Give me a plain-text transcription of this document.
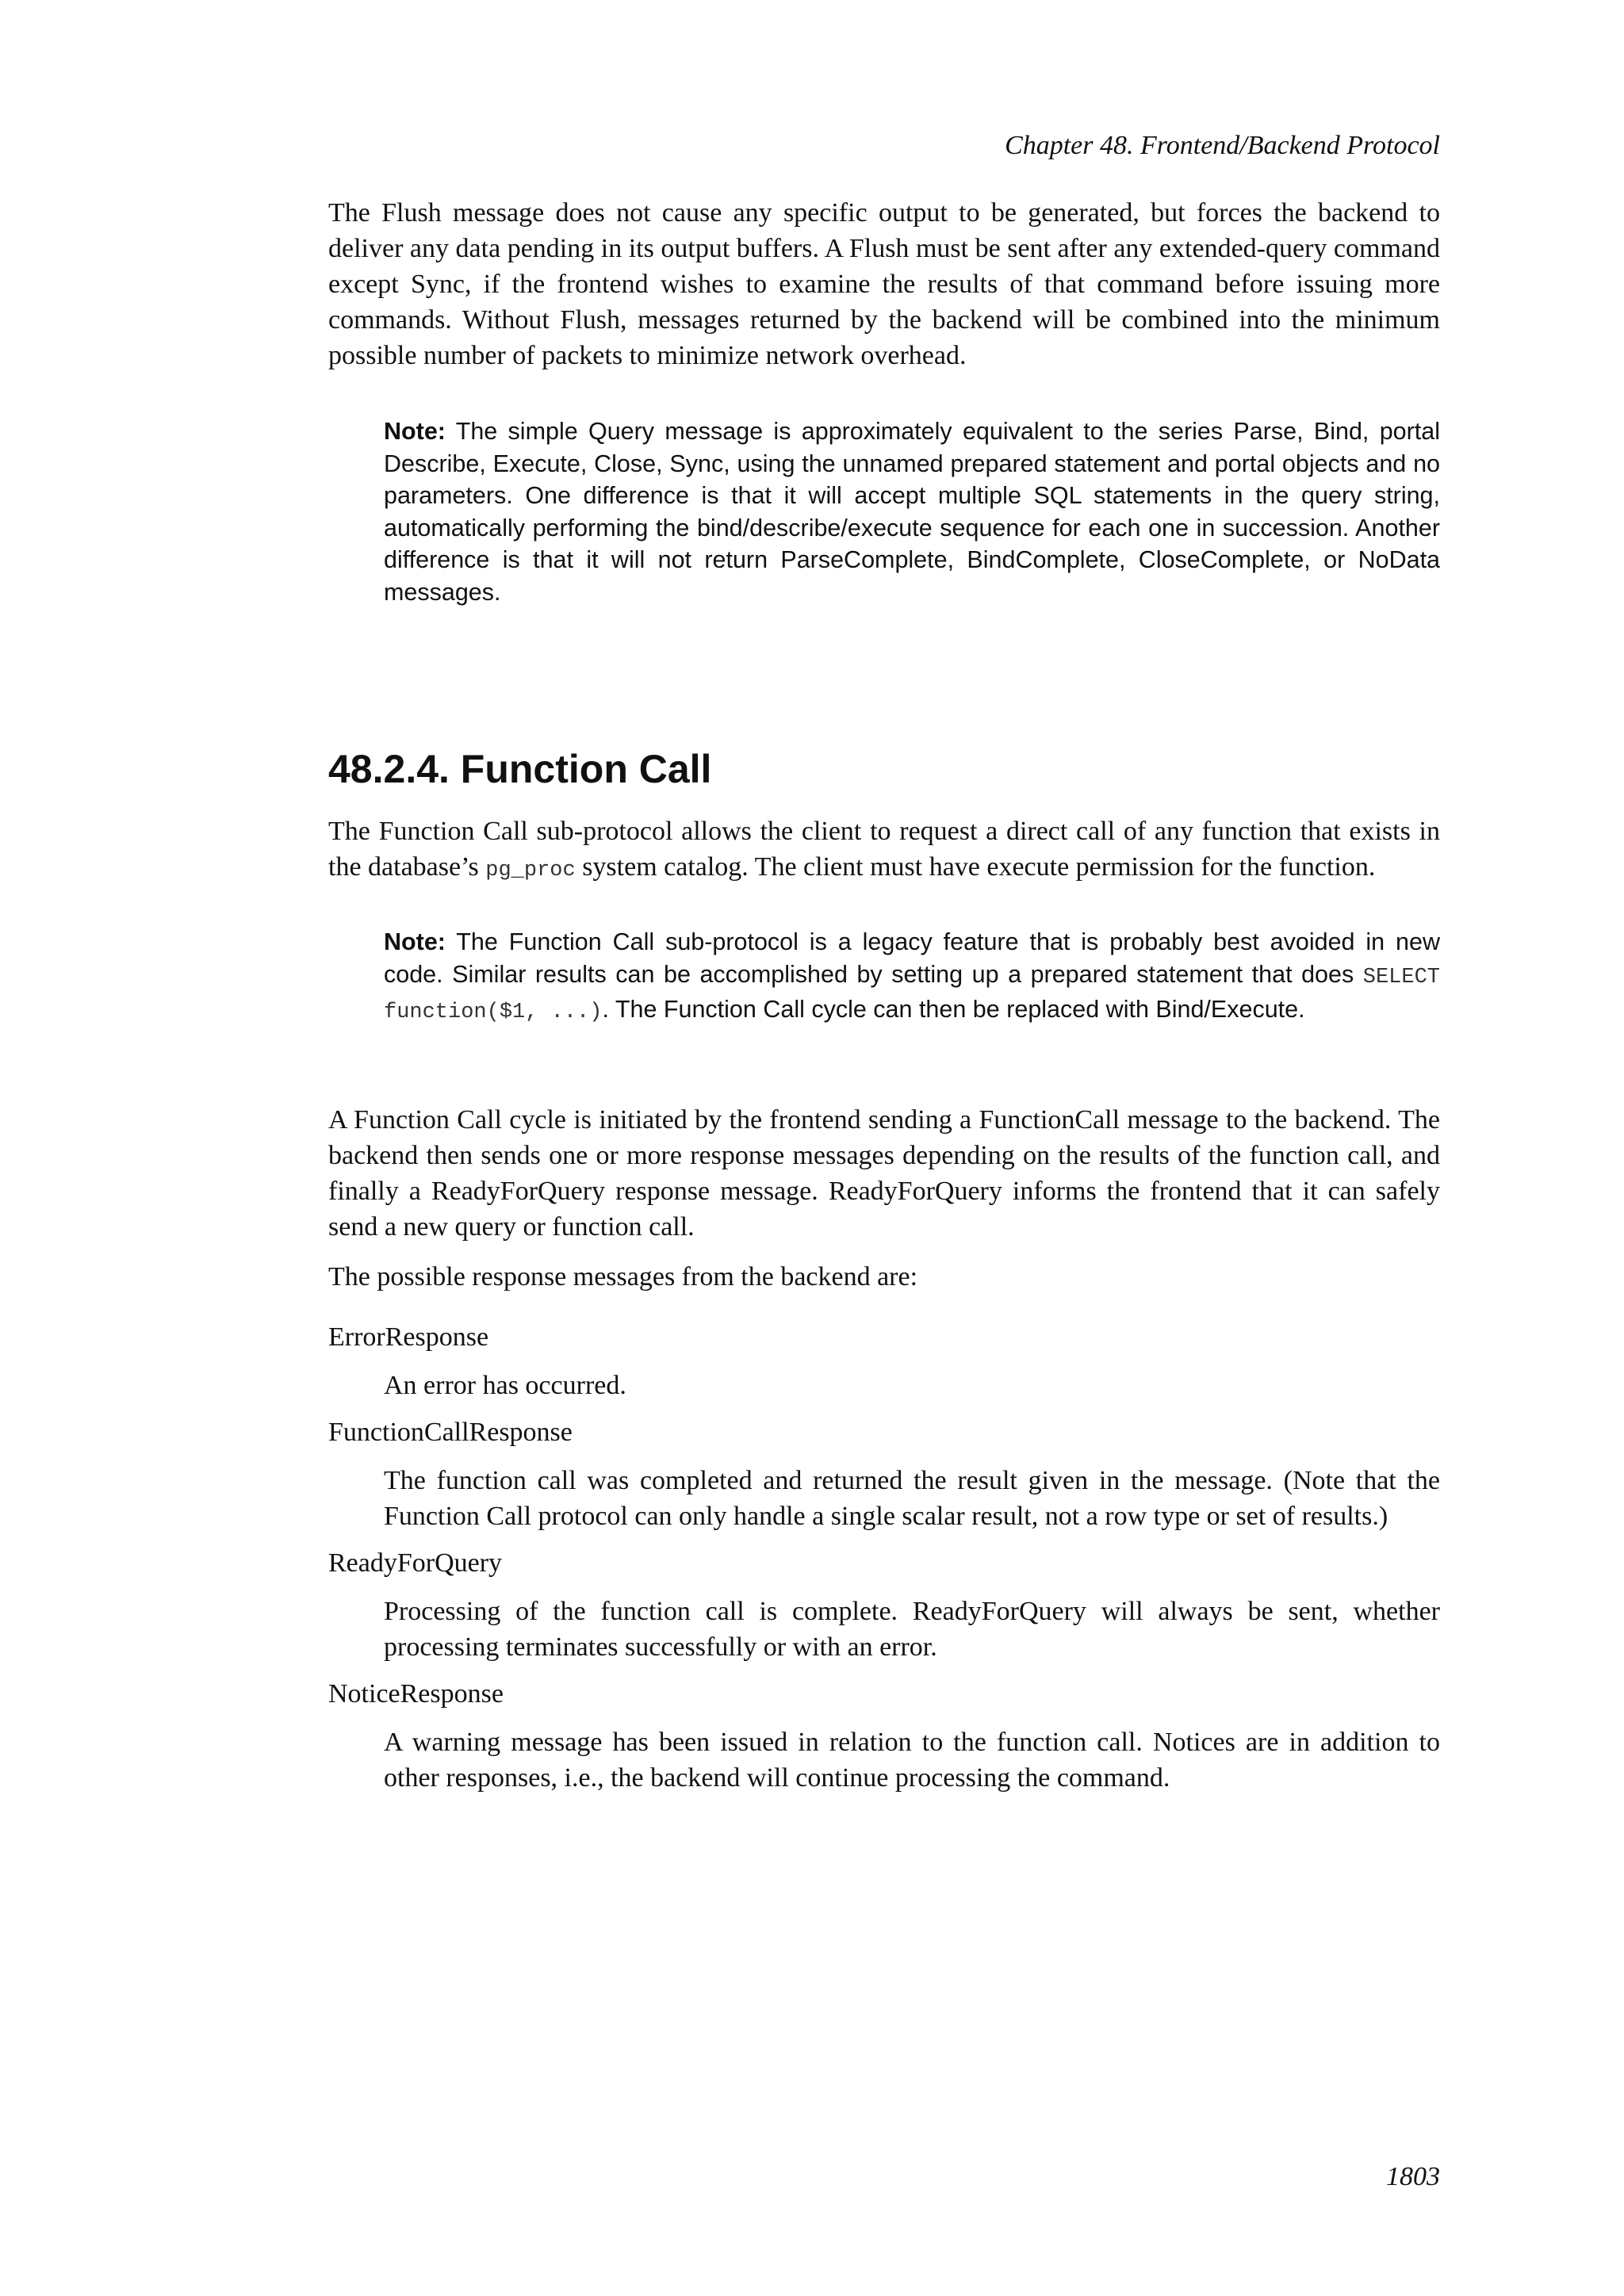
Chapter 48. Frontend/Backend Protocol

The Flush message does not cause any specific output to be generated, but forces the backend to deliver any data pending in its output buffers. A Flush must be sent after any extended-query command except Sync, if the frontend wishes to examine the results of that command before issuing more commands. Without Flush, messages returned by the backend will be combined into the minimum possible number of packets to minimize network overhead.

Note: The simple Query message is approximately equivalent to the series Parse, Bind, portal Describe, Execute, Close, Sync, using the unnamed prepared statement and portal objects and no parameters. One difference is that it will accept multiple SQL statements in the query string, automatically performing the bind/describe/execute sequence for each one in succession. Another difference is that it will not return ParseComplete, BindComplete, CloseComplete, or NoData messages.
48.2.4. Function Call

The Function Call sub-protocol allows the client to request a direct call of any function that exists in the database’s pg_proc system catalog. The client must have execute permission for the function.

Note: The Function Call sub-protocol is a legacy feature that is probably best avoided in new code. Similar results can be accomplished by setting up a prepared statement that does SELECT function($1, ...). The Function Call cycle can then be replaced with Bind/Execute.

A Function Call cycle is initiated by the frontend sending a FunctionCall message to the backend. The backend then sends one or more response messages depending on the results of the function call, and finally a ReadyForQuery response message. ReadyForQuery informs the frontend that it can safely send a new query or function call.

The possible response messages from the backend are:

ErrorResponse
An error has occurred.
FunctionCallResponse
The function call was completed and returned the result given in the message. (Note that the Function Call protocol can only handle a single scalar result, not a row type or set of results.)
ReadyForQuery
Processing of the function call is complete. ReadyForQuery will always be sent, whether processing terminates successfully or with an error.
NoticeResponse
A warning message has been issued in relation to the function call. Notices are in addition to other responses, i.e., the backend will continue processing the command.
1803
